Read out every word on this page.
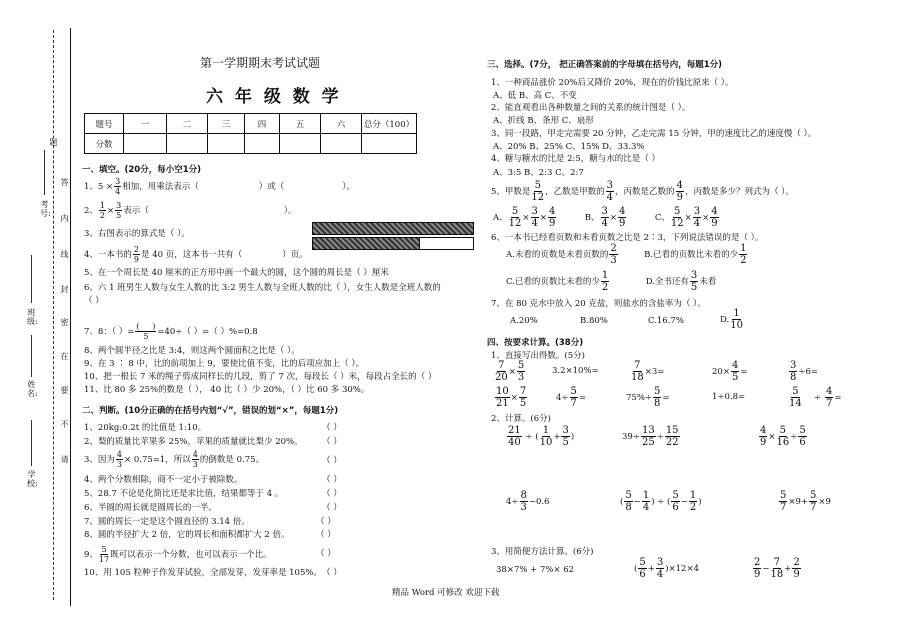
题
答
内
线
封
密
在
要
不
请
考号:
班级:
姓名:
学校:
第一学期期末考试试题
六 年 级 数 学
题号	一	二	三	四	五	六	总分（100）
分数							
一、填空。(20分，每小空1分)
1、$5 \times \frac{3}{4}$ 相加，用乘法表示（	）或（	）。
2、 $\frac{1}{2} \times \frac{3}{5}$ 表示（	）。
3、右图表示的算式是（ ）。
4、一本书的 $\frac{2}{9}$ 是 40 页，这本书一共有（	）页。
5、在一个周长是 40 厘米的正方形中画一个最大的圆，这个圆的周长是（ ）厘米
6、六 1 班男生人数与女生人数的比 3:2 男生人数与全班人数的比（ ），女生人数是全班人数的
（ ）
7、8：（ ）= $\frac{( )}{5} =40\div$（ ）=（ ）%=0.8
8、两个圆半径之比是 3:4，则这两个圆面积之比是（ ）。
9、在 3 ∶ 8 中，比的前项加上 9，要使比值不变，比的后项应加上（ ）。
10、把一根长 7 米的绳子剪成同样长的几段，剪了 7 次，每段长（ ）米，每段占全长的（ ）
11、比 80 多 25%的数是（ ）， 40 比（ ）少 20%，（ ）比 60 多 30%。
二、判断。(10分正确的在括号内划“√”，错误的划“×”，每题1分)
1、20kg:0.2t 的比值是 1:10。
2、梨的质量比苹果多 25%，苹果的质量就比梨少 20%。
3、因为 $\frac{4}{3} \times 0.75=1$，所以 $\frac{4}{3}$ 的倒数是 0.75。
4、两个分数相除，商不一定小于被除数。
5、28.7 不论是化简比还是求比值，结果都等于 4 。
6、半圆的周长就是圆周长的一半。
7、圆的周长一定是这个圆直径的 3.14 倍。
8、圆的半径扩大 2 倍，它的周长和面积都扩大 2 倍。
9、 $\frac{5}{17}$ 既可以表示一个分数，也可以表示一个比。
10、用 105 粒种子作发芽试验，全部发芽，发芽率是 105%。
（ ）
（ ）
（ ）
（ ）
（ ）
（ ）
（ ）
（ ）
（ ）
（ ）
三、选择。(7分， 把正确答案前的字母填在括号内，每题1分)
1、一种商品涨价 20%后又降价 20%，现在的价钱比原来（ ）。
A、低 B、高 C、不变
2、能直观看出各种数量之间的关系的统计图是（ ）。
A、折线 B、条形 C、扇形
3、同一段路，甲走完需要 20 分钟，乙走完需 15 分钟，甲的速度比乙的速度慢（ ）。
A、20% B、25% C、15% D、33.3%
4、糖与糖水的比是 2:5，糖与水的比是（ ）
A、3:5 B、2:3 C、2:7
5、甲数是 $\frac{5}{12}$ ，乙数是甲数的 $\frac{3}{4}$ ，丙数是乙数的 $\frac{4}{9}$ ，丙数是多少？列式为（ ）。
A、 $\frac{5}{12} \times \frac{3}{4} \times \frac{4}{9}$	B、 $\frac{3}{4} \times \frac{4}{9}$	C、 $\frac{5}{12} \times \frac{3}{4} \times \frac{4}{9}$
6、一本书已经看页数和未看页数之比是 2∶3，下列说法错误的是（ ）。
A.未看的页数是未看页数的 $\frac{2}{3}$	B.已看的页数比未看的少 $\frac{1}{2}$
C.已看的页数比未看的少 $\frac{1}{2}$	D.全书还有 $\frac{3}{5}$ 未看
7、在 80 克水中放入 20 克盐，则盐水的含盐率为（ ）。
A.20%	B.80%	C.16.7%	D. $\frac{1}{10}$
四、按要求计算。(38分)
1、直接写出得数。(5分)
$\frac{7}{20} \times \frac{5}{3}$	3.2×10%=	$\frac{7}{18} \times 3=$	$20\times \frac{4}{5}$ =	$\frac{3}{8} \div 6=$
$\frac{10}{21} \times \frac{7}{5}$	$4\div \frac{5}{7}$ =	$75\%\div \frac{5}{8}$ =	1÷0.8=	$\frac{5}{14} \div \frac{4}{7}$ =
2、计算。(6分)
$\frac{21}{40}$ ÷ ( $\frac{1}{10} + \frac{3}{5}$ )	$39\div \frac{13}{25} \div \frac{15}{22}$	$\frac{4}{9} \times \frac{5}{16} \div \frac{5}{6}$
$4\div \frac{8}{3} -0.6$	( $\frac{5}{8} - \frac{1}{4}$ ) ÷ ( $\frac{5}{6} - \frac{1}{2}$ )	$\frac{5}{7} \times 9+ \frac{5}{7} \times 9$
3、用简便方法计算。(6分)
38×7% + 7%× 62	( $\frac{5}{6} + \frac{3}{4} )\times 12\times 4$	$\frac{2}{9} - \frac{7}{18} + \frac{2}{9}$
精品 Word 可修改 欢迎下载
